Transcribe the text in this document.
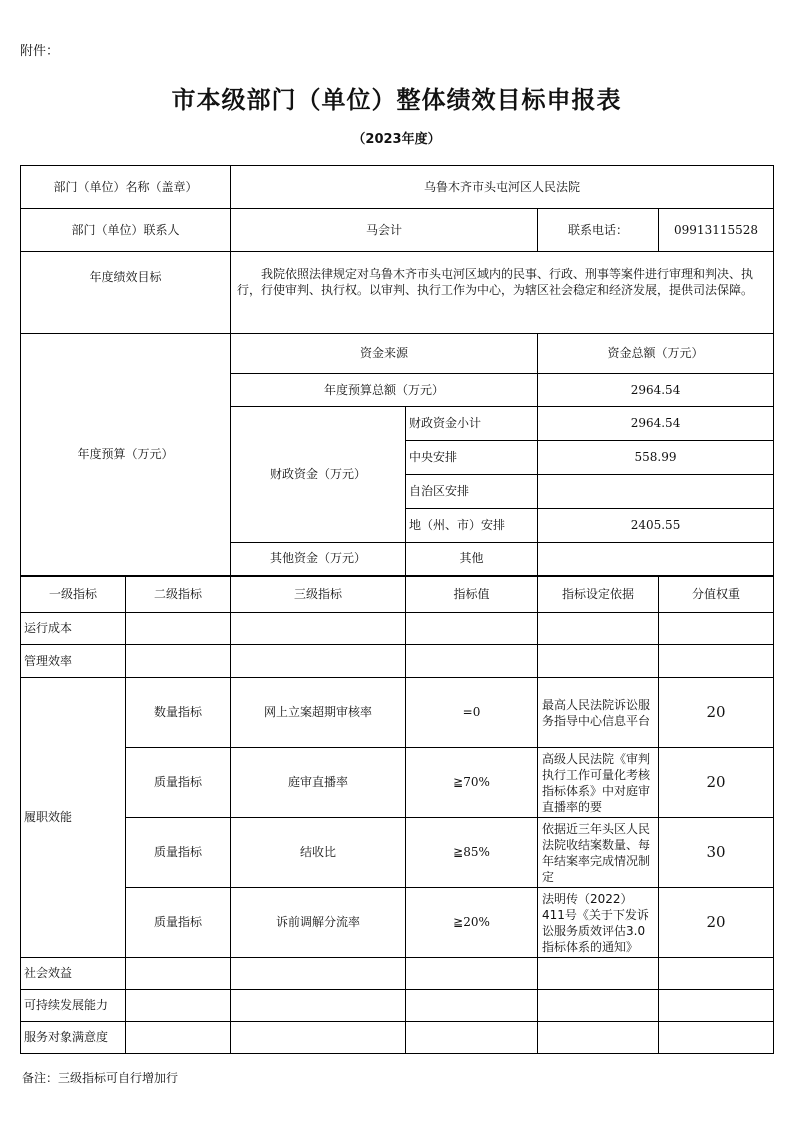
附件：
市本级部门（单位）整体绩效目标申报表
（2023年度）
部门（单位）名称（盖章）		乌鲁木齐市头屯河区人民法院			
部门（单位）联系人		马会计		联系电话：	09913115528
年度绩效目标		我院依照法律规定对乌鲁木齐市头屯河区域内的民事、行政、刑事等案件进行审理和判决、执行，行使审判、执行权。以审判、执行工作为中心，为辖区社会稳定和经济发展，提供司法保障。			
年度预算（万元）		资金来源		资金总额（万元）	
		年度预算总额（万元）		2964.54	
		财政资金（万元）	财政资金小计	2964.54	
			中央安排	558.99	
			自治区安排		
			地（州、市）安排	2405.55	
		其他资金（万元）	其他		
一级指标	二级指标	三级指标	指标值	指标设定依据	分值权重
运行成本					
管理效率					
履职效能	数量指标	网上立案超期审核率	=0	最高人民法院诉讼服务指导中心信息平台	20
	质量指标	庭审直播率	≧70%	高级人民法院《审判执行工作可量化考核指标体系》中对庭审直播率的要	20
	质量指标	结收比	≧85%	依据近三年头区人民法院收结案数量、每年结案率完成情况制定	30
	质量指标	诉前调解分流率	≧20%	法明传（2022）411号《关于下发诉讼服务质效评估3.0指标体系的通知》	20
社会效益					
可持续发展能力					
服务对象满意度					
备注：三级指标可自行增加行
